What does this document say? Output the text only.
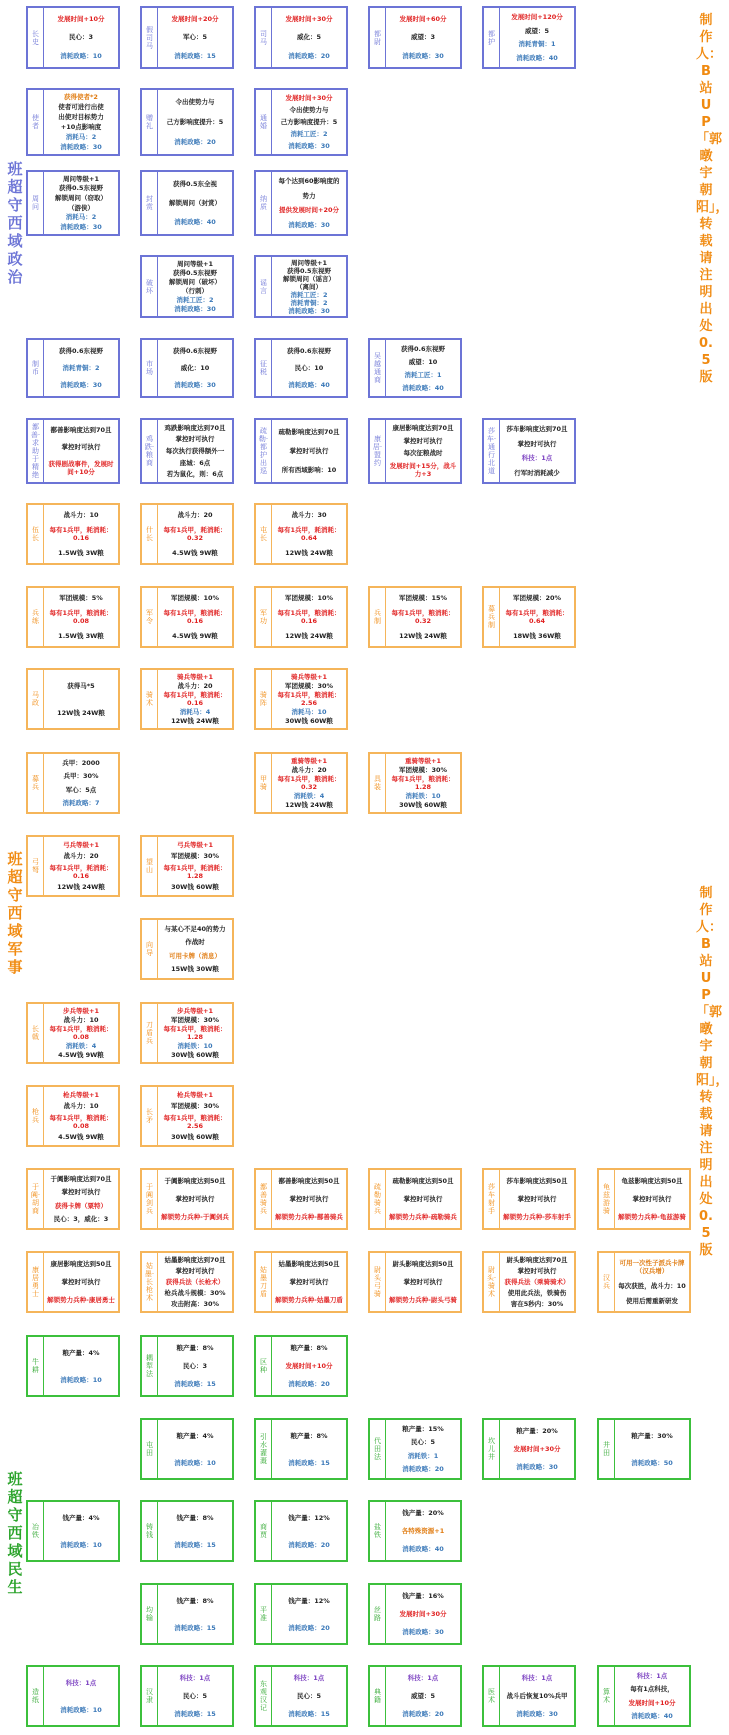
长史
发展时间+10分
民心：3
消耗政略：10
假司马
发展时间+20分
军心：5
消耗政略：15
司马
发展时间+30分
威化：5
消耗政略：20
都尉
发展时间+60分
威望：3
消耗政略：30
都护
发展时间+120分
威望：5
消耗青铜：1
消耗政略：40
使者
获得使者*2
使者可进行出使
出使对目标势力
+10点影响度
消耗马：2
消耗政略：30
赠礼
令出使势力与
己方影响度提升：5
消耗政略：20
通婚
发展时间+30分
令出使势力与
己方影响度提升：5
消耗工匠：2
消耗政略：30
周问
周问等级+1
获得0.5东视野
解锁周问（窃取）
（游侠）
消耗马：2
消耗政略：30
封赏
获得0.5东全视
解锁周问（封赏）
消耗政略：40
纳质
每个达到60影响度的
势力
提供发展时间+20分
消耗政略：30
破坏
周问等级+1
获得0.5东视野
解锁周问（破坏）
（行刺）
消耗工匠：2
消耗政略：30
谣言
周问等级+1
获得0.5东视野
解锁周问（谣言）
（离间）
消耗工匠：2
消耗青铜：2
消耗政略：30
制币
获得0.6东视野
消耗青铜：2
消耗政略：30
市场
获得0.6东视野
威化：10
消耗政略：30
征税
获得0.6东视野
民心：10
消耗政略：40
吴越通商
获得0.6东视野
威望：10
消耗工匠：1
消耗政略：40
鄯善·求助于精绝
鄯善影响度达到70且
掌控时可执行
获得剧战事件，发展时间+10分
鸡跌·粮商
鸡跌影响度达到70且
掌控时可执行
每次执行获得额外一
座城：6点
若为鼠化，则：6点
疏勒·都护出巡
疏勒影响度达到70且
掌控时可执行
所有西域影响：10
康居·盟约
康居影响度达到70且
掌控时可执行
每次征粮战时
发展时间+15分，战斗力+3
莎车·通行北道
莎车影响度达到70且
掌控时可执行
科技：1点
行军时消耗减少
伍长
战斗力：10
每有1兵甲，耗消耗：0.16
1.5W钱 3W粮
什长
战斗力：20
每有1兵甲，耗消耗：0.32
4.5W钱 9W粮
屯长
战斗力：30
每有1兵甲，耗消耗：0.64
12W钱 24W粮
兵练
军团规模：5%
每有1兵甲，粮消耗：0.08
1.5W钱 3W粮
军令
军团规模：10%
每有1兵甲，粮消耗：0.16
4.5W钱 9W粮
军功
军团规模：10%
每有1兵甲，粮消耗：0.16
12W钱 24W粮
兵制
军团规模：15%
每有1兵甲，粮消耗：0.32
12W钱 24W粮
募兵制
军团规模：20%
每有1兵甲，粮消耗：0.64
18W钱 36W粮
马政
获得马*5
12W钱 24W粮
骑术
骑兵等级+1
战斗力：20
每有1兵甲，粮消耗：0.16
消耗马：4
12W钱 24W粮
骑阵
骑兵等级+1
军团规模：30%
每有1兵甲，粮消耗：2.56
消耗马：10
30W钱 60W粮
甲骑
重骑等级+1
战斗力：20
每有1兵甲，粮消耗：0.32
消耗铁：4
12W钱 24W粮
具装
重骑等级+1
军团规模：30%
每有1兵甲，粮消耗：1.28
消耗铁：10
30W钱 60W粮
募兵
兵甲：2000
兵甲：30%
军心：5点
消耗政略：7
弓弩
弓兵等级+1
战斗力：20
每有1兵甲，耗消耗：0.16
12W钱 24W粮
望山
弓兵等级+1
军团规模：30%
每有1兵甲，耗消耗：1.28
30W钱 60W粮
向导
与某心不足40的势力
作战时
可用卡牌（消息）
15W钱 30W粮
长戟
步兵等级+1
战斗力：10
每有1兵甲，粮消耗：0.08
消耗铁：4
4.5W钱 9W粮
刀盾兵
步兵等级+1
军团规模：30%
每有1兵甲，粮消耗：1.28
消耗铁：10
30W钱 60W粮
枪兵
枪兵等级+1
战斗力：10
每有1兵甲，粮消耗：0.08
4.5W钱 9W粮
长矛
枪兵等级+1
军团规模：30%
每有1兵甲，粮消耗：2.56
30W钱 60W粮
于阗·胡商
于阗影响度达到70且
掌控时可执行
获得卡牌（粟特）
民心：3，威化：3
于阗剑兵
于阗影响度达到50且
掌控时可执行
解锁势力兵种-于阗剑兵
鄯善骑兵
鄯善影响度达到50且
掌控时可执行
解锁势力兵种-鄯善骑兵
疏勒骑兵
疏勒影响度达到50且
掌控时可执行
解锁势力兵种-疏勒骑兵
莎车射手
莎车影响度达到50且
掌控时可执行
解锁势力兵种-莎车射手
龟兹游骑
龟兹影响度达到50且
掌控时可执行
解锁势力兵种-龟兹游骑
康居勇士
康居影响度达到50且
掌控时可执行
解锁势力兵种-康居勇士
姑墨·长枪术
姑墨影响度达到70且
掌控时可执行
获得兵法（长枪术）
枪兵战斗规模：30%
攻击附高：30%
姑墨刀盾
姑墨影响度达到50且
掌控时可执行
解锁势力兵种-姑墨刀盾
尉头弓骑
尉头影响度达到50且
掌控时可执行
解锁势力兵种-尉头弓骑
尉头·骑术
尉头影响度达到70且
掌控时可执行
获得兵法（乘骑骑术）
使用此兵法，铁骑伤
害在5秒内：30%
汉兵
可用一次性子派兵卡牌（汉兵增）
每次获胜，战斗力：10
使用后需重新研发
牛耕
粮产量：4%
消耗政略：10
耦犁法
粮产量：8%
民心：3
消耗政略：15
区种
粮产量：8%
发展时间+10分
消耗政略：20
屯田
粮产量：4%
消耗政略：10
引水灌溉
粮产量：8%
消耗政略：15
代田法
粮产量：15%
民心：5
消耗铁：1
消耗政略：20
坎儿井
粮产量：20%
发展时间+30分
消耗政略：30
井田
粮产量：30%
消耗政略：50
冶铁
钱产量：4%
消耗政略：10
铸钱
钱产量：8%
消耗政略：15
商贾
钱产量：12%
消耗政略：20
盐铁
钱产量：20%
各特殊资源+1
消耗政略：40
均输
钱产量：8%
消耗政略：15
平准
钱产量：12%
消耗政略：20
丝路
钱产量：16%
发展时间+30分
消耗政略：30
造纸
科技：1点
消耗政略：10
汉隶
科技：1点
民心：5
消耗政略：15
东观汉记
科技：1点
民心：5
消耗政略：15
典籍
科技：1点
威望：5
消耗政略：20
医术
科技：1点
战斗后恢复10%兵甲
消耗政略：30
算术
科技：1点
每有1点科技，
发展时间+10分
消耗政略：40
班超守西域政治
班超守西域军事
班超守西域民生
制作人：B站UP「郭暾宇朝阳」，转载请注明出处 0.5版
制作人：B站UP「郭暾宇朝阳」，转载请注明出处 0.5版
